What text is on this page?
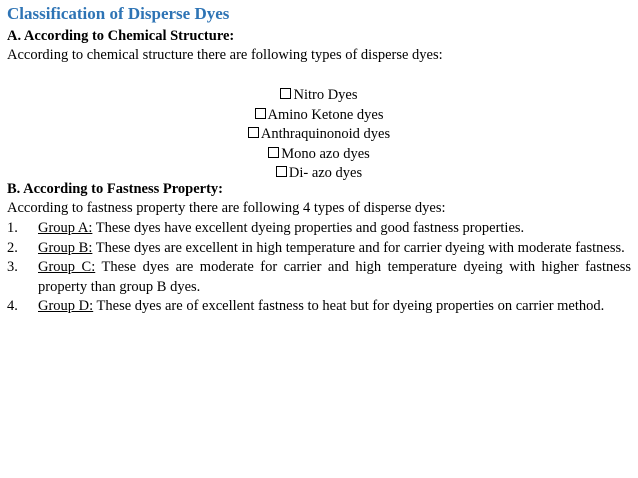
Classification of Disperse Dyes
A. According to Chemical Structure:
According to chemical structure there are following types of disperse dyes:
Nitro Dyes
Amino Ketone dyes
Anthraquinonoid dyes
Mono azo dyes
Di- azo dyes
B. According to Fastness Property:
According to fastness property there are following 4 types of disperse dyes:
1. Group A: These dyes have excellent dyeing properties and good fastness properties.
2. Group B: These dyes are excellent in high temperature and for carrier dyeing with moderate fastness.
3. Group C: These dyes are moderate for carrier and high temperature dyeing with higher fastness property than group B dyes.
4. Group D: These dyes are of excellent fastness to heat but for dyeing properties on carrier method.
